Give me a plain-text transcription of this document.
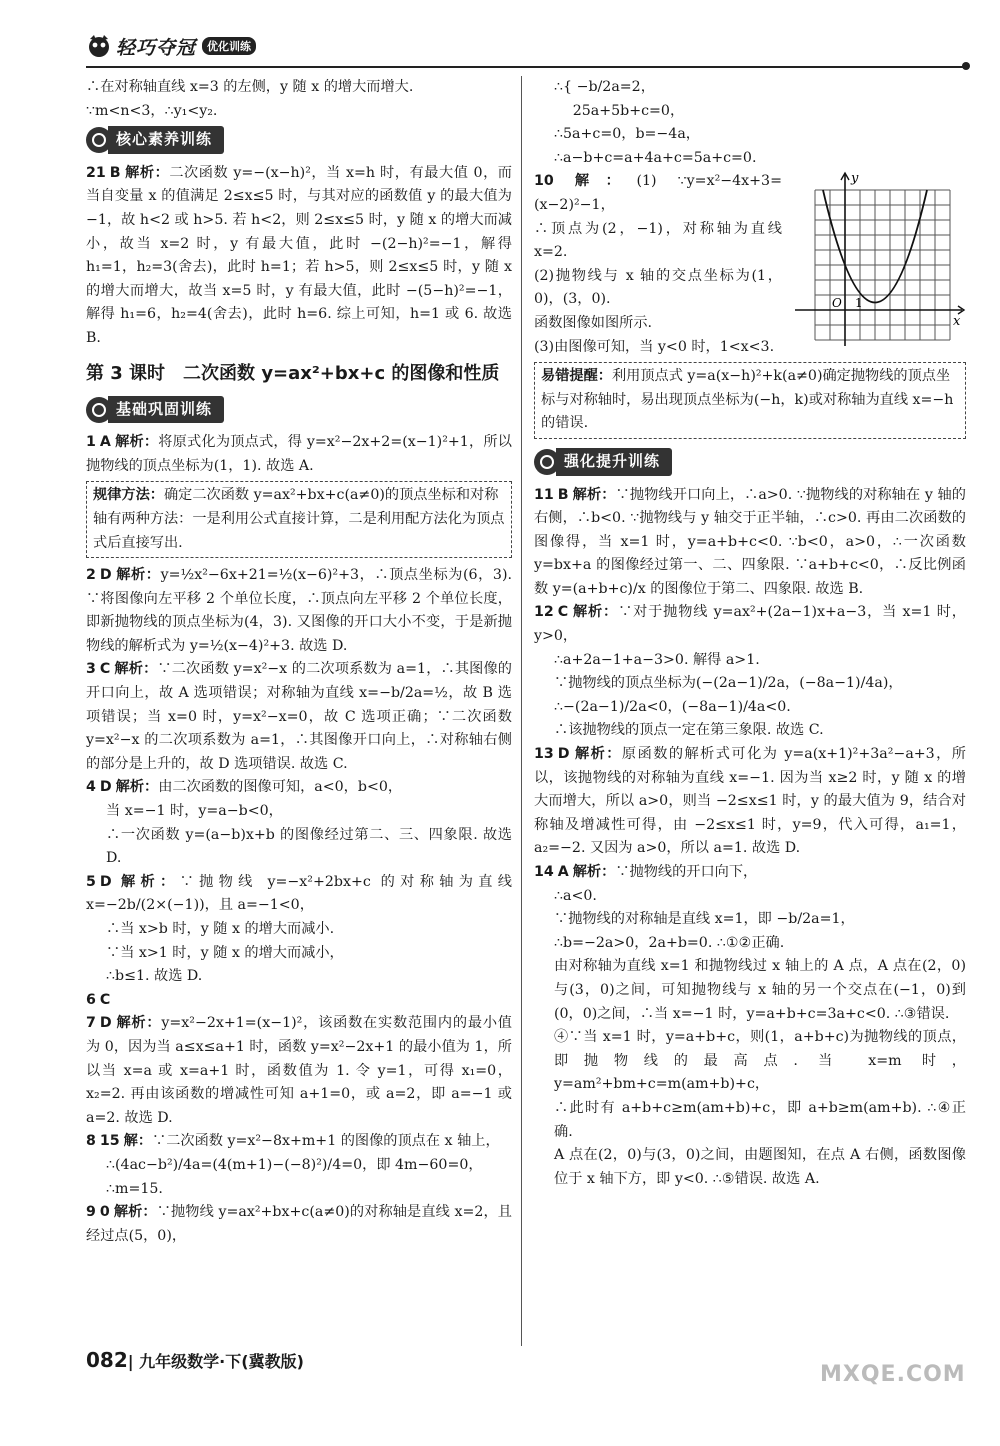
轻巧夺冠	优化训练

∴在对称轴直线 x=3 的左侧，y 随 x 的增大而增大.

∵m<n<3，∴y₁<y₂.

核心素养训练

21 B 解析：二次函数 y=−(x−h)²，当 x=h 时，有最大值 0，而当自变量 x 的值满足 2≤x≤5 时，与其对应的函数值 y 的最大值为−1，故 h<2 或 h>5. 若 h<2，则 2≤x≤5 时，y 随 x 的增大而减小，故当 x=2 时，y 有最大值，此时 −(2−h)²=−1，解得 h₁=1，h₂=3(舍去)，此时 h=1；若 h>5，则 2≤x≤5 时，y 随 x 的增大而增大，故当 x=5 时，y 有最大值，此时 −(5−h)²=−1，解得 h₁=6，h₂=4(舍去)，此时 h=6. 综上可知，h=1 或 6. 故选 B.

第 3 课时　二次函数 y=ax²+bx+c 的图像和性质
基础巩固训练

1 A 解析：将原式化为顶点式，得 y=x²−2x+2=(x−1)²+1，所以抛物线的顶点坐标为(1，1). 故选 A.

规律方法：确定二次函数 y=ax²+bx+c(a≠0)的顶点坐标和对称轴有两种方法：一是利用公式直接计算，二是利用配方法化为顶点式后直接写出.

2 D 解析：y=½x²−6x+21=½(x−6)²+3，∴顶点坐标为(6，3). ∵将图像向左平移 2 个单位长度，∴顶点向左平移 2 个单位长度，即新抛物线的顶点坐标为(4，3). 又图像的开口大小不变，于是新抛物线的解析式为 y=½(x−4)²+3. 故选 D.

3 C 解析：∵二次函数 y=x²−x 的二次项系数为 a=1，∴其图像的开口向上，故 A 选项错误；对称轴为直线 x=−b/2a=½，故 B 选项错误；当 x=0 时，y=x²−x=0，故 C 选项正确；∵二次函数 y=x²−x 的二次项系数为 a=1，∴其图像开口向上，∴对称轴右侧的部分是上升的，故 D 选项错误. 故选 C.

4 D 解析：由二次函数的图像可知，a<0，b<0，

当 x=−1 时，y=a−b<0，

∴一次函数 y=(a−b)x+b 的图像经过第二、三、四象限. 故选 D.

5 D 解析：∵抛物线 y=−x²+2bx+c 的对称轴为直线 x=−2b/(2×(−1))，且 a=−1<0，

∴当 x>b 时，y 随 x 的增大而减小.

∵当 x>1 时，y 随 x 的增大而减小，

∴b≤1. 故选 D.

6 C

7 D 解析：y=x²−2x+1=(x−1)²，该函数在实数范围内的最小值为 0，因为当 a≤x≤a+1 时，函数 y=x²−2x+1 的最小值为 1，所以当 x=a 或 x=a+1 时，函数值为 1. 令 y=1，可得 x₁=0，x₂=2. 再由该函数的增减性可知 a+1=0，或 a=2，即 a=−1 或 a=2. 故选 D.

8 15 解：∵二次函数 y=x²−8x+m+1 的图像的顶点在 x 轴上，

∴(4ac−b²)/4a=(4(m+1)−(−8)²)/4=0，即 4m−60=0，

∴m=15.

9 0 解析：∵抛物线 y=ax²+bx+c(a≠0)的对称轴是直线 x=2，且经过点(5，0)，

∴{ −b/2a=2，

　 25a+5b+c=0，

∴5a+c=0，b=−4a，

∴a−b+c=a+4a+c=5a+c=0.

y
x
O 1

10 解：(1) ∵y=x²−4x+3=(x−2)²−1，

∴顶点为(2，−1)，对称轴为直线 x=2.

(2)抛物线与 x 轴的交点坐标为(1，0)，(3，0).

函数图像如图所示.

(3)由图像可知，当 y<0 时，1<x<3.

易错提醒：利用顶点式 y=a(x−h)²+k(a≠0)确定抛物线的顶点坐标与对称轴时，易出现顶点坐标为(−h，k)或对称轴为直线 x=−h 的错误.
强化提升训练

11 B 解析：∵抛物线开口向上，∴a>0. ∵抛物线的对称轴在 y 轴的右侧，∴b<0. ∵抛物线与 y 轴交于正半轴，∴c>0. 再由二次函数的图像得，当 x=1 时，y=a+b+c<0. ∵b<0，a>0，∴一次函数 y=bx+a 的图像经过第一、二、四象限. ∵a+b+c<0，∴反比例函数 y=(a+b+c)/x 的图像位于第二、四象限. 故选 B.

12 C 解析：∵对于抛物线 y=ax²+(2a−1)x+a−3，当 x=1 时，y>0，

∴a+2a−1+a−3>0. 解得 a>1.

∵抛物线的顶点坐标为(−(2a−1)/2a，(−8a−1)/4a)，

∴−(2a−1)/2a<0，(−8a−1)/4a<0.

∴该抛物线的顶点一定在第三象限. 故选 C.

13 D 解析：原函数的解析式可化为 y=a(x+1)²+3a²−a+3，所以，该抛物线的对称轴为直线 x=−1. 因为当 x≥2 时，y 随 x 的增大而增大，所以 a>0，则当 −2≤x≤1 时，y 的最大值为 9，结合对称轴及增减性可得，由 −2≤x≤1 时，y=9，代入可得，a₁=1，a₂=−2. 又因为 a>0，所以 a=1. 故选 D.

14 A 解析：∵抛物线的开口向下，

∴a<0.

∵抛物线的对称轴是直线 x=1，即 −b/2a=1，

∴b=−2a>0，2a+b=0. ∴①②正确.

由对称轴为直线 x=1 和抛物线过 x 轴上的 A 点，A 点在(2，0)与(3，0)之间，可知抛物线与 x 轴的另一个交点在(−1，0)到(0，0)之间，∴当 x=−1 时，y=a+b+c=3a+c<0. ∴③错误.

④∵当 x=1 时，y=a+b+c，则(1，a+b+c)为抛物线的顶点，即抛物线的最高点. 当 x=m 时，y=am²+bm+c=m(am+b)+c，

∴此时有 a+b+c≥m(am+b)+c，即 a+b≥m(am+b). ∴④正确.

A 点在(2，0)与(3，0)之间，由题图知，在点 A 右侧，函数图像位于 x 轴下方，即 y<0. ∴⑤错误. 故选 A.

082| 九年级数学·下(冀教版)
MXQE.COM
